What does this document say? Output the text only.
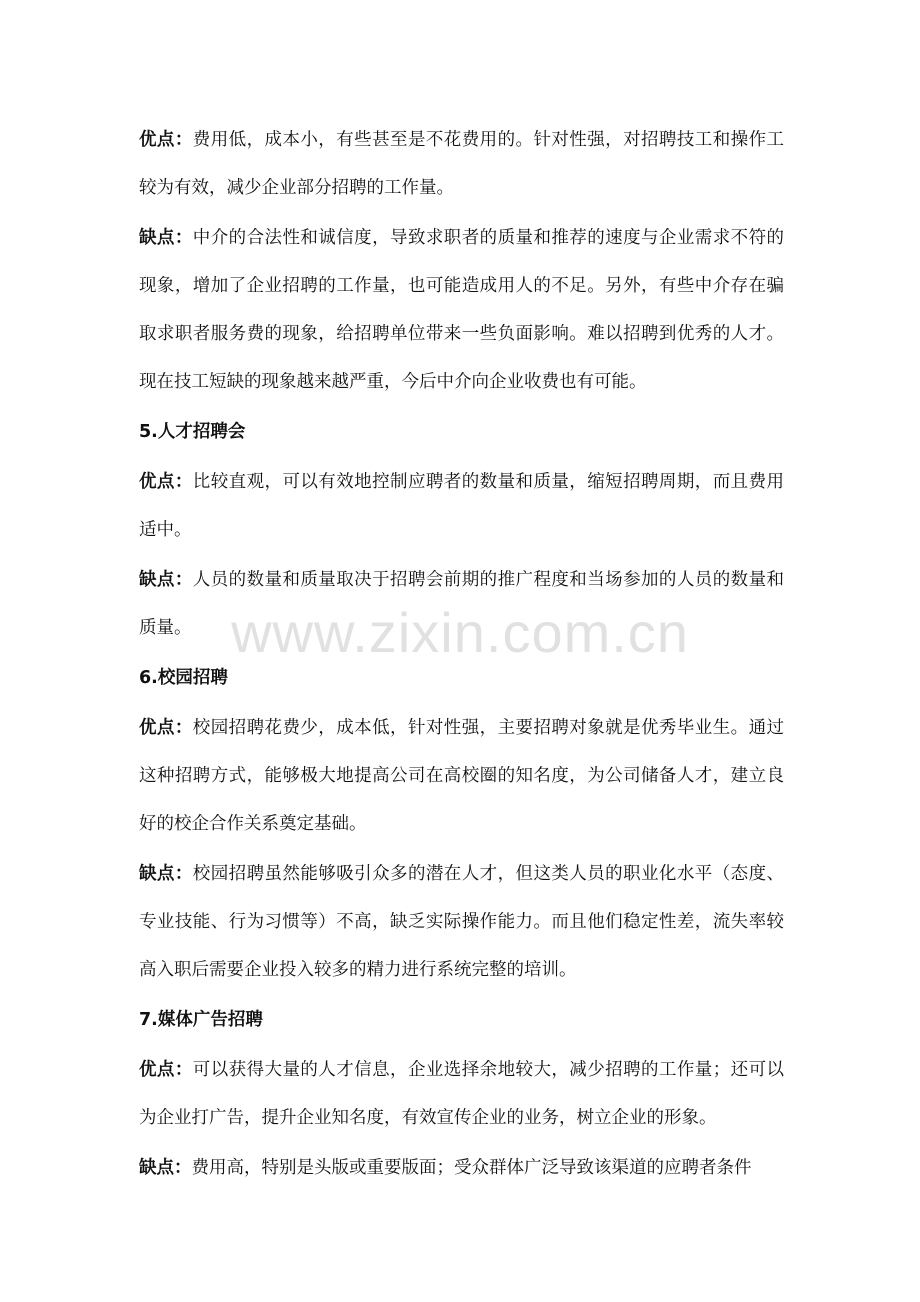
优点：费用低，成本小，有些甚至是不花费用的。针对性强，对招聘技工和操作工较为有效，减少企业部分招聘的工作量。

缺点：中介的合法性和诚信度，导致求职者的质量和推荐的速度与企业需求不符的现象，增加了企业招聘的工作量，也可能造成用人的不足。另外，有些中介存在骗取求职者服务费的现象，给招聘单位带来一些负面影响。难以招聘到优秀的人才。现在技工短缺的现象越来越严重，今后中介向企业收费也有可能。

5.人才招聘会

优点：比较直观，可以有效地控制应聘者的数量和质量，缩短招聘周期，而且费用适中。

缺点：人员的数量和质量取决于招聘会前期的推广程度和当场参加的人员的数量和质量。

6.校园招聘

优点：校园招聘花费少，成本低，针对性强，主要招聘对象就是优秀毕业生。通过这种招聘方式，能够极大地提高公司在高校圈的知名度，为公司储备人才，建立良好的校企合作关系奠定基础。

缺点：校园招聘虽然能够吸引众多的潜在人才，但这类人员的职业化水平（态度、专业技能、行为习惯等）不高，缺乏实际操作能力。而且他们稳定性差，流失率较高入职后需要企业投入较多的精力进行系统完整的培训。

7.媒体广告招聘

优点：可以获得大量的人才信息，企业选择余地较大，减少招聘的工作量；还可以为企业打广告，提升企业知名度，有效宣传企业的业务，树立企业的形象。

缺点：费用高，特别是头版或重要版面；受众群体广泛导致该渠道的应聘者条件

www.zixin.com.cn
